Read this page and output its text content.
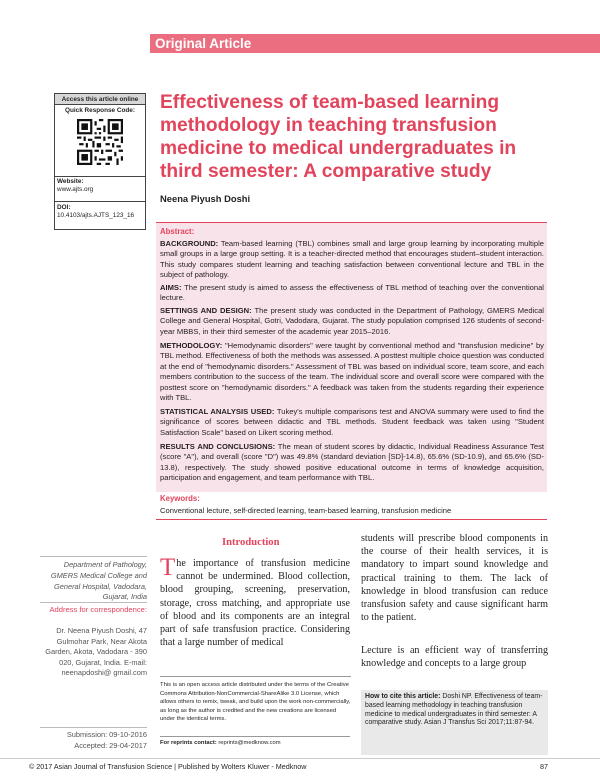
Original Article
Access this article online
Quick Response Code:
Website:
www.ajts.org
DOI:
10.4103/ajts.AJTS_123_16
Effectiveness of team-based learning methodology in teaching transfusion medicine to medical undergraduates in third semester: A comparative study
Neena Piyush Doshi
Abstract:

BACKGROUND: Team-based learning (TBL) combines small and large group learning by incorporating multiple small groups in a large group setting. It is a teacher-directed method that encourages student–student interaction. This study compares student learning and teaching satisfaction between conventional lecture and TBL in the subject of pathology.

AIMS: The present study is aimed to assess the effectiveness of TBL method of teaching over the conventional lecture.

SETTINGS AND DESIGN: The present study was conducted in the Department of Pathology, GMERS Medical College and General Hospital, Gotri, Vadodara, Gujarat. The study population comprised 126 students of second-year MBBS, in their third semester of the academic year 2015–2016.

METHODOLOGY: "Hemodynamic disorders" were taught by conventional method and "transfusion medicine" by TBL method. Effectiveness of both the methods was assessed. A posttest multiple choice question was conducted at the end of "hemodynamic disorders." Assessment of TBL was based on individual score, team score, and each members contribution to the success of the team. The individual score and overall score were compared with the posttest score on "hemodynamic disorders." A feedback was taken from the students regarding their experience with TBL.

STATISTICAL ANALYSIS USED: Tukey's multiple comparisons test and ANOVA summary were used to find the significance of scores between didactic and TBL methods. Student feedback was taken using "Student Satisfaction Scale" based on Likert scoring method.

RESULTS AND CONCLUSIONS: The mean of student scores by didactic, Individual Readiness Assurance Test (score "A"), and overall (score "D") was 49.8% (standard deviation [SD]-14.8), 65.6% (SD-10.9), and 65.6% (SD-13.8), respectively. The study showed positive educational outcome in terms of knowledge acquisition, participation and engagement, and team performance with TBL.

Keywords:
Conventional lecture, self-directed learning, team-based learning, transfusion medicine
Introduction
The importance of transfusion medicine cannot be undermined. Blood collection, blood grouping, screening, preservation, storage, cross matching, and appropriate use of blood and its components are an integral part of safe transfusion practice. Considering that a large number of medical
students will prescribe blood components in the course of their health services, it is mandatory to impart sound knowledge and practical training to them. The lack of knowledge in blood transfusion can reduce transfusion safety and cause significant harm to the patient.
Lecture is an efficient way of transferring knowledge and concepts to a large group
This is an open access article distributed under the terms of the Creative Commons Attribution-NonCommercial-ShareAlike 3.0 License, which allows others to remix, tweak, and build upon the work non-commercially, as long as the author is credited and the new creations are licensed under the identical terms.
For reprints contact: reprints@medknow.com
How to cite this article: Doshi NP. Effectiveness of team-based learning methodology in teaching transfusion medicine to medical undergraduates in third semester: A comparative study. Asian J Transfus Sci 2017;11:87-94.
Department of Pathology, GMERS Medical College and General Hospital, Vadodara, Gujarat, India
Address for correspondence:
Dr. Neena Piyush Doshi, 47 Gulmohar Park, Near Akota Garden, Akota, Vadodara - 390 020, Gujarat, India. E-mail: neenapdoshi@ gmail.com
Submission: 09-10-2016
Accepted: 29-04-2017
© 2017 Asian Journal of Transfusion Science | Published by Wolters Kluwer - Medknow	87
